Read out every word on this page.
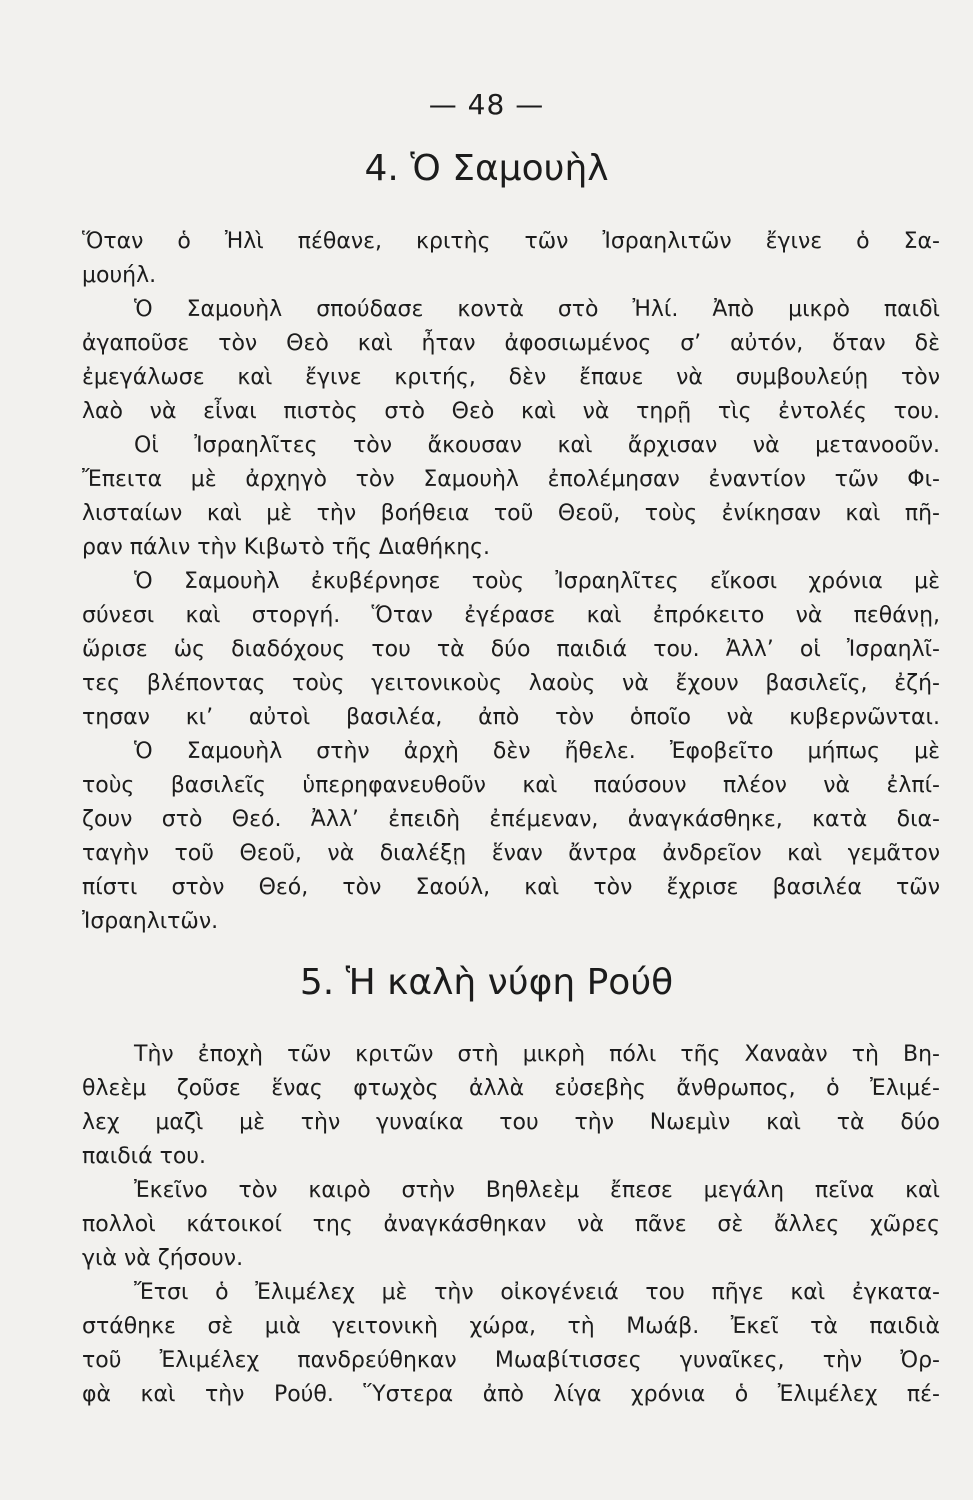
— 48 —
4. Ὁ Σαμουὴλ
Ὅταν ὁ Ἠλὶ πέθανε, κριτὴς τῶν Ἰσραηλιτῶν ἔγινε ὁ Σα-
μουήλ.
Ὁ Σαμουὴλ σπούδασε κοντὰ στὸ Ἠλί. Ἀπὸ μικρὸ παιδὶ
ἀγαποῦσε τὸν Θεὸ καὶ ἦταν ἀφοσιωμένος σ’ αὐτόν, ὅταν δὲ
ἐμεγάλωσε καὶ ἔγινε κριτής, δὲν ἔπαυε νὰ συμβουλεύῃ τὸν
λαὸ νὰ εἶναι πιστὸς στὸ Θεὸ καὶ νὰ τηρῇ τὶς ἐντολές του.
Οἱ Ἰσραηλῖτες τὸν ἄκουσαν καὶ ἄρχισαν νὰ μετανοοῦν.
Ἔπειτα μὲ ἀρχηγὸ τὸν Σαμουὴλ ἐπολέμησαν ἐναντίον τῶν Φι-
λισταίων καὶ μὲ τὴν βοήθεια τοῦ Θεοῦ, τοὺς ἐνίκησαν καὶ πῆ-
ραν πάλιν τὴν Κιβωτὸ τῆς Διαθήκης.
Ὁ Σαμουὴλ ἐκυβέρνησε τοὺς Ἰσραηλῖτες εἴκοσι χρόνια μὲ
σύνεσι καὶ στοργή. Ὅταν ἐγέρασε καὶ ἐπρόκειτο νὰ πεθάνῃ,
ὥρισε ὡς διαδόχους του τὰ δύο παιδιά του. Ἀλλ’ οἱ Ἰσραηλῖ-
τες βλέποντας τοὺς γειτονικοὺς λαοὺς νὰ ἔχουν βασιλεῖς, ἐζή-
τησαν κι’ αὐτοὶ βασιλέα, ἀπὸ τὸν ὁποῖο νὰ κυβερνῶνται.
Ὁ Σαμουὴλ στὴν ἀρχὴ δὲν ἤθελε. Ἐφοβεῖτο μήπως μὲ
τοὺς βασιλεῖς ὑπερηφανευθοῦν καὶ παύσουν πλέον νὰ ἐλπί-
ζουν στὸ Θεό. Ἀλλ’ ἐπειδὴ ἐπέμεναν, ἀναγκάσθηκε, κατὰ δια-
ταγὴν τοῦ Θεοῦ, νὰ διαλέξῃ ἕναν ἄντρα ἀνδρεῖον καὶ γεμᾶτον
πίστι στὸν Θεό, τὸν Σαούλ, καὶ τὸν ἔχρισε βασιλέα τῶν
Ἰσραηλιτῶν.
5. Ἡ καλὴ νύφη Ρούθ
Τὴν ἐποχὴ τῶν κριτῶν στὴ μικρὴ πόλι τῆς Χαναὰν τὴ Βη-
θλεὲμ ζοῦσε ἕνας φτωχὸς ἀλλὰ εὐσεβὴς ἄνθρωπος, ὁ Ἐλιμέ-
λεχ μαζὶ μὲ τὴν γυναίκα του τὴν Νωεμὶν καὶ τὰ δύο
παιδιά του.
Ἐκεῖνο τὸν καιρὸ στὴν Βηθλεὲμ ἔπεσε μεγάλη πεῖνα καὶ
πολλοὶ κάτοικοί της ἀναγκάσθηκαν νὰ πᾶνε σὲ ἄλλες χῶρες
γιὰ νὰ ζήσουν.
Ἔτσι ὁ Ἐλιμέλεχ μὲ τὴν οἰκογένειά του πῆγε καὶ ἐγκατα-
στάθηκε σὲ μιὰ γειτονικὴ χώρα, τὴ Μωάβ. Ἐκεῖ τὰ παιδιὰ
τοῦ Ἐλιμέλεχ πανδρεύθηκαν Μωαβίτισσες γυναῖκες, τὴν Ὀρ-
φὰ καὶ τὴν Ρούθ. Ὕστερα ἀπὸ λίγα χρόνια ὁ Ἐλιμέλεχ πέ-
